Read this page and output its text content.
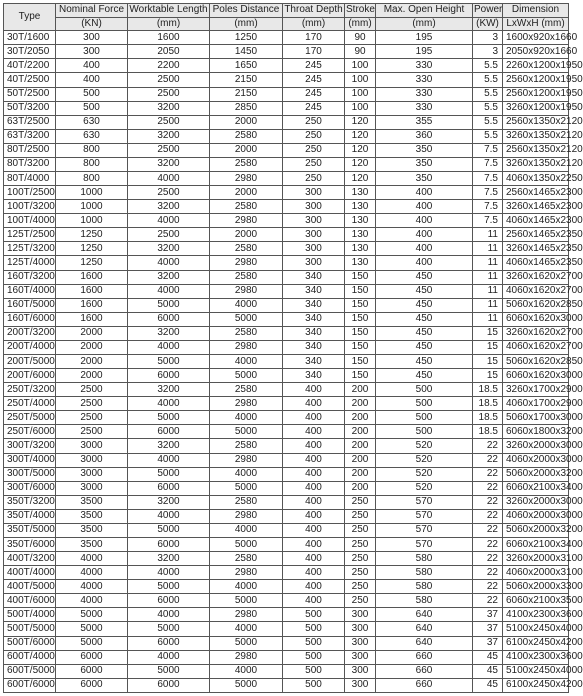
Type	Nominal Force	Worktable Length	Poles Distance	Throat Depth	Stroke	Max. Open Height	Power	Dimension
	(KN)	(mm)	(mm)	(mm)	(mm)	(mm)	(KW)	LxWxH (mm)
30T/1600	300	1600	1250	170	90	195	3	1600x920x1660
30T/2050	300	2050	1450	170	90	195	3	2050x920x1660
40T/2200	400	2200	1650	245	100	330	5.5	2260x1200x1950
40T/2500	400	2500	2150	245	100	330	5.5	2560x1200x1950
50T/2500	500	2500	2150	245	100	330	5.5	2560x1200x1950
50T/3200	500	3200	2850	245	100	330	5.5	3260x1200x1950
63T/2500	630	2500	2000	250	120	355	5.5	2560x1350x2120
63T/3200	630	3200	2580	250	120	360	5.5	3260x1350x2120
80T/2500	800	2500	2000	250	120	350	7.5	2560x1350x2120
80T/3200	800	3200	2580	250	120	350	7.5	3260x1350x2120
80T/4000	800	4000	2980	250	120	350	7.5	4060x1350x2250
100T/2500	1000	2500	2000	300	130	400	7.5	2560x1465x2300
100T/3200	1000	3200	2580	300	130	400	7.5	3260x1465x2300
100T/4000	1000	4000	2980	300	130	400	7.5	4060x1465x2300
125T/2500	1250	2500	2000	300	130	400	11	2560x1465x2350
125T/3200	1250	3200	2580	300	130	400	11	3260x1465x2350
125T/4000	1250	4000	2980	300	130	400	11	4060x1465x2350
160T/3200	1600	3200	2580	340	150	450	11	3260x1620x2700
160T/4000	1600	4000	2980	340	150	450	11	4060x1620x2700
160T/5000	1600	5000	4000	340	150	450	11	5060x1620x2850
160T/6000	1600	6000	5000	340	150	450	11	6060x1620x3000
200T/3200	2000	3200	2580	340	150	450	15	3260x1620x2700
200T/4000	2000	4000	2980	340	150	450	15	4060x1620x2700
200T/5000	2000	5000	4000	340	150	450	15	5060x1620x2850
200T/6000	2000	6000	5000	340	150	450	15	6060x1620x3000
250T/3200	2500	3200	2580	400	200	500	18.5	3260x1700x2900
250T/4000	2500	4000	2980	400	200	500	18.5	4060x1700x2900
250T/5000	2500	5000	4000	400	200	500	18.5	5060x1700x3000
250T/6000	2500	6000	5000	400	200	500	18.5	6060x1800x3200
300T/3200	3000	3200	2580	400	200	520	22	3260x2000x3000
300T/4000	3000	4000	2980	400	200	520	22	4060x2000x3000
300T/5000	3000	5000	4000	400	200	520	22	5060x2000x3200
300T/6000	3000	6000	5000	400	200	520	22	6060x2100x3400
350T/3200	3500	3200	2580	400	250	570	22	3260x2000x3000
350T/4000	3500	4000	2980	400	250	570	22	4060x2000x3000
350T/5000	3500	5000	4000	400	250	570	22	5060x2000x3200
350T/6000	3500	6000	5000	400	250	570	22	6060x2100x3400
400T/3200	4000	3200	2580	400	250	580	22	3260x2000x3100
400T/4000	4000	4000	2980	400	250	580	22	4060x2000x3100
400T/5000	4000	5000	4000	400	250	580	22	5060x2000x3300
400T/6000	4000	6000	5000	400	250	580	22	6060x2100x3500
500T/4000	5000	4000	2980	500	300	640	37	4100x2300x3600
500T/5000	5000	5000	4000	500	300	640	37	5100x2450x4000
500T/6000	5000	6000	5000	500	300	640	37	6100x2450x4200
600T/4000	6000	4000	2980	500	300	660	45	4100x2300x3600
600T/5000	6000	5000	4000	500	300	660	45	5100x2450x4000
600T/6000	6000	6000	5000	500	300	660	45	6100x2450x4200
